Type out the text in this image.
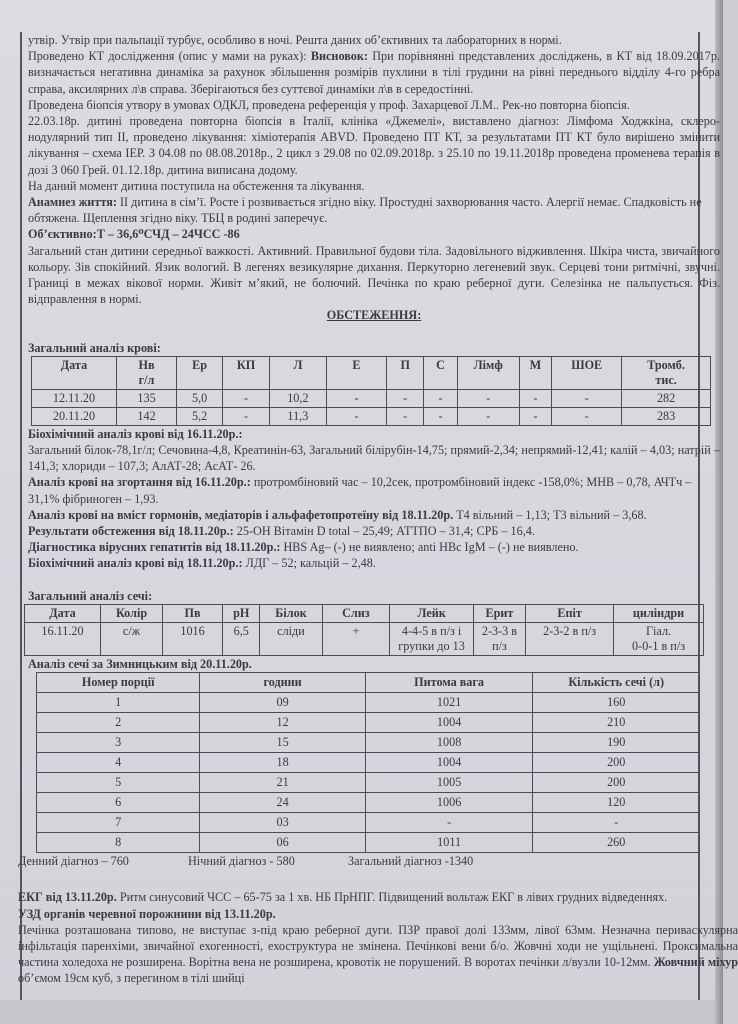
утвір. Утвір при пальпації турбує, особливо в ночі. Решта даних об’єктивних та лабораторних в нормі.

Проведено КТ дослідження (опис у мами на руках): Висновок: При порівнянні представлених досліджень, в КТ від 18.09.2017р. визначається негативна динаміка за рахунок збільшення розмірів пухлини в тілі грудини на рівні переднього відділу 4-го ребра справа, аксилярних л\в справа. Зберігаються без суттєвої динаміки л\в в середостінні.

Проведена біопсія утвору в умовах ОДКЛ, проведена референція у проф. Захарцевої Л.М.. Рек-но повторна біопсія.

22.03.18р. дитині проведена повторна біопсія в Італії, клініка «Джемелі», виставлено діагноз: Лімфома Ходжкіна, склеро-нодулярний тип II, проведено лікування: хіміотерапія ABVD. Проведено ПТ КТ, за результатами ПТ КТ було вирішено змінити лікування – схема ІЕР. З 04.08 по 08.08.2018р., 2 цикл з 29.08 по 02.09.2018р. з 25.10 по 19.11.2018р проведена променева терапія в дозі 3 060 Грей. 01.12.18р. дитина виписана додому.

На даний момент дитина поступила на обстеження та лікування.

Анамнез життя: ІІ дитина в сім’ї. Росте і розвивається згідно віку. Простудні захворювання часто. Алергії немає. Спадковість не обтяжена. Щеплення згідно віку. ТБЦ в родині заперечує.

Об’єктивно:Т – 36,6⁰СЧД – 24ЧСС -86

Загальний стан дитини середньої важкості. Активний. Правильної будови тіла. Задовільного відживлення. Шкіра чиста, звичайного кольору. Зів спокійний. Язик вологий. В легенях везикулярне дихання. Перкуторно легеневий звук. Серцеві тони ритмічні, звучні. Границі в межах вікової норми. Живіт м’який, не болючий. Печінка по краю реберної дуги. Селезінка не пальпується. Фіз. відправлення в нормі.

ОБСТЕЖЕННЯ:

Загальний аналіз крові:

Дата	Нв
г/л	Ер	КП	Л	Е	П	С	Лімф	М	ШОЕ	Тромб.
тис.
12.11.20	135	5,0	-	10,2	-	-	-	-	-	-	282
20.11.20	142	5,2	-	11,3	-	-	-	-	-	-	283

Біохімічний аналіз крові від 16.11.20р.:
Загальний білок-78,1г/л; Сечовина-4,8, Креатинін-63, Загальний білірубін-14,75; прямий-2,34; непрямий-12,41; калій – 4,03; натрій – 141,3; хлориди – 107,3; АлАТ-28; АсАТ- 26.

Аналіз крові на згортання від 16.11.20р.: протромбіновий час – 10,2сек, протромбіновий індекс -158,0%; МНВ – 0,78, АЧТч – 31,1% фібриноген – 1,93.

Аналіз крові на вміст гормонів, медіаторів і альфафетопротеїну від 18.11.20р. Т4 вільний – 1,13; Т3 вільний – 3,68.

Результати обстеження від 18.11.20р.: 25-ОН Вітамін D total – 25,49; АТТПО – 31,4; СРБ – 16,4.

Діагностика вірусних гепатитів від 18.11.20р.: HBS Ag– (-) не виявлено; anti HBc IgM – (-) не виявлено.

Біохімічний аналіз крові від 18.11.20р.: ЛДГ – 52; кальцій – 2,48.

Загальний аналіз сечі:

Дата	Колір	Пв	pH	Білок	Слиз	Лейк	Ерит	Епіт	циліндри
16.11.20	с/ж	1016	6,5	сліди	+	4-4-5 в п/з і групки до 13	2-3-3 в п/з	2-3-2 в п/з	Гіал.
0-0-1 в п/з

Аналіз сечі за Зимницьким від 20.11.20р.

Номер порції	години	Питома вага	Кількість сечі (л)
1	09	1021	160
2	12	1004	210
3	15	1008	190
4	18	1004	200
5	21	1005	200
6	24	1006	120
7	03	-	-
8	06	1011	260

Денний діагноз – 760	Нічний діагноз - 580	Загальний діагноз -1340

ЕКГ від 13.11.20р. Ритм синусовий ЧСС – 65-75 за 1 хв. НБ ПрНПГ. Підвищений вольтаж ЕКГ в лівих грудних відведеннях.

УЗД органів черевної порожнини від 13.11.20р.

Печінка розташована типово, не виступає з-під краю реберної дуги. ПЗР правої долі 133мм, лівої 63мм. Незначна периваскулярна інфільтація паренхіми, звичайної ехогенності, ехоструктура не змінена. Печінкові вени б/о. Жовчні ходи не ущільнені. Проксимальна частина холедоха не розширена. Ворітна вена не розширена, кровотік не порушений. В воротах печінки л/вузли 10-12мм. Жовчний міхур об’ємом 19см куб, з перегином в тілі шийці
